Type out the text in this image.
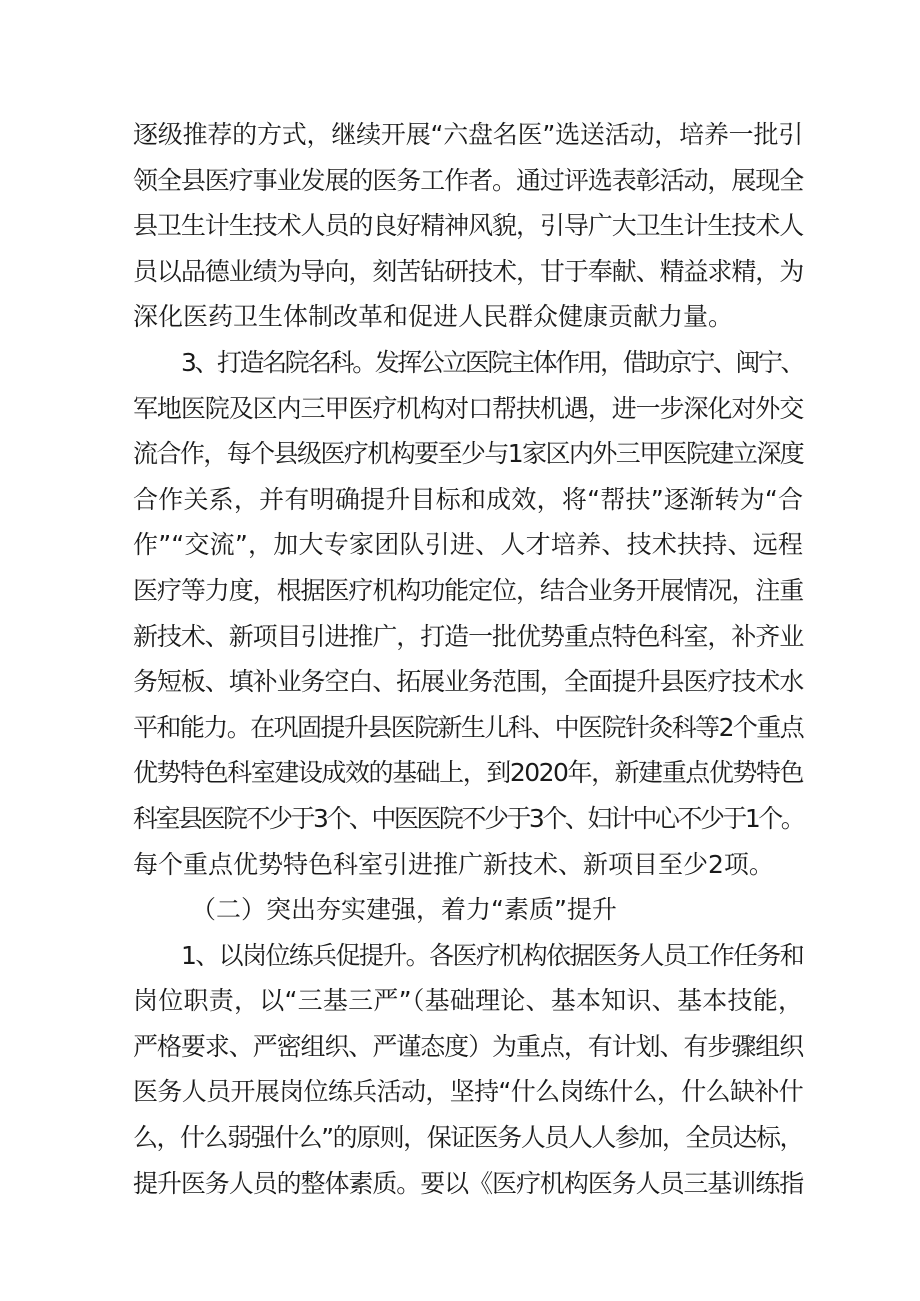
逐级推荐的方式，继续开展“六盘名医”选送活动，培养一批引
领全县医疗事业发展的医务工作者。通过评选表彰活动，展现全
县卫生计生技术人员的良好精神风貌，引导广大卫生计生技术人
员以品德业绩为导向，刻苦钻研技术，甘于奉献、精益求精，为
深化医药卫生体制改革和促进人民群众健康贡献力量。
3、打造名院名科。发挥公立医院主体作用，借助京宁、闽宁、
军地医院及区内三甲医疗机构对口帮扶机遇，进一步深化对外交
流合作，每个县级医疗机构要至少与1家区内外三甲医院建立深度
合作关系，并有明确提升目标和成效，将“帮扶”逐渐转为“合
作”“交流”，加大专家团队引进、人才培养、技术扶持、远程
医疗等力度，根据医疗机构功能定位，结合业务开展情况，注重
新技术、新项目引进推广，打造一批优势重点特色科室，补齐业
务短板、填补业务空白、拓展业务范围，全面提升县医疗技术水
平和能力。在巩固提升县医院新生儿科、中医院针灸科等2个重点
优势特色科室建设成效的基础上，到2020年，新建重点优势特色
科室县医院不少于3个、中医医院不少于3个、妇计中心不少于1个。
每个重点优势特色科室引进推广新技术、新项目至少2项。
（二）突出夯实建强，着力“素质”提升
1、以岗位练兵促提升。各医疗机构依据医务人员工作任务和
岗位职责，以“三基三严”（基础理论、基本知识、基本技能，
严格要求、严密组织、严谨态度）为重点，有计划、有步骤组织
医务人员开展岗位练兵活动，坚持“什么岗练什么，什么缺补什
么，什么弱强什么”的原则，保证医务人员人人参加，全员达标，
提升医务人员的整体素质。要以《医疗机构医务人员三基训练指
